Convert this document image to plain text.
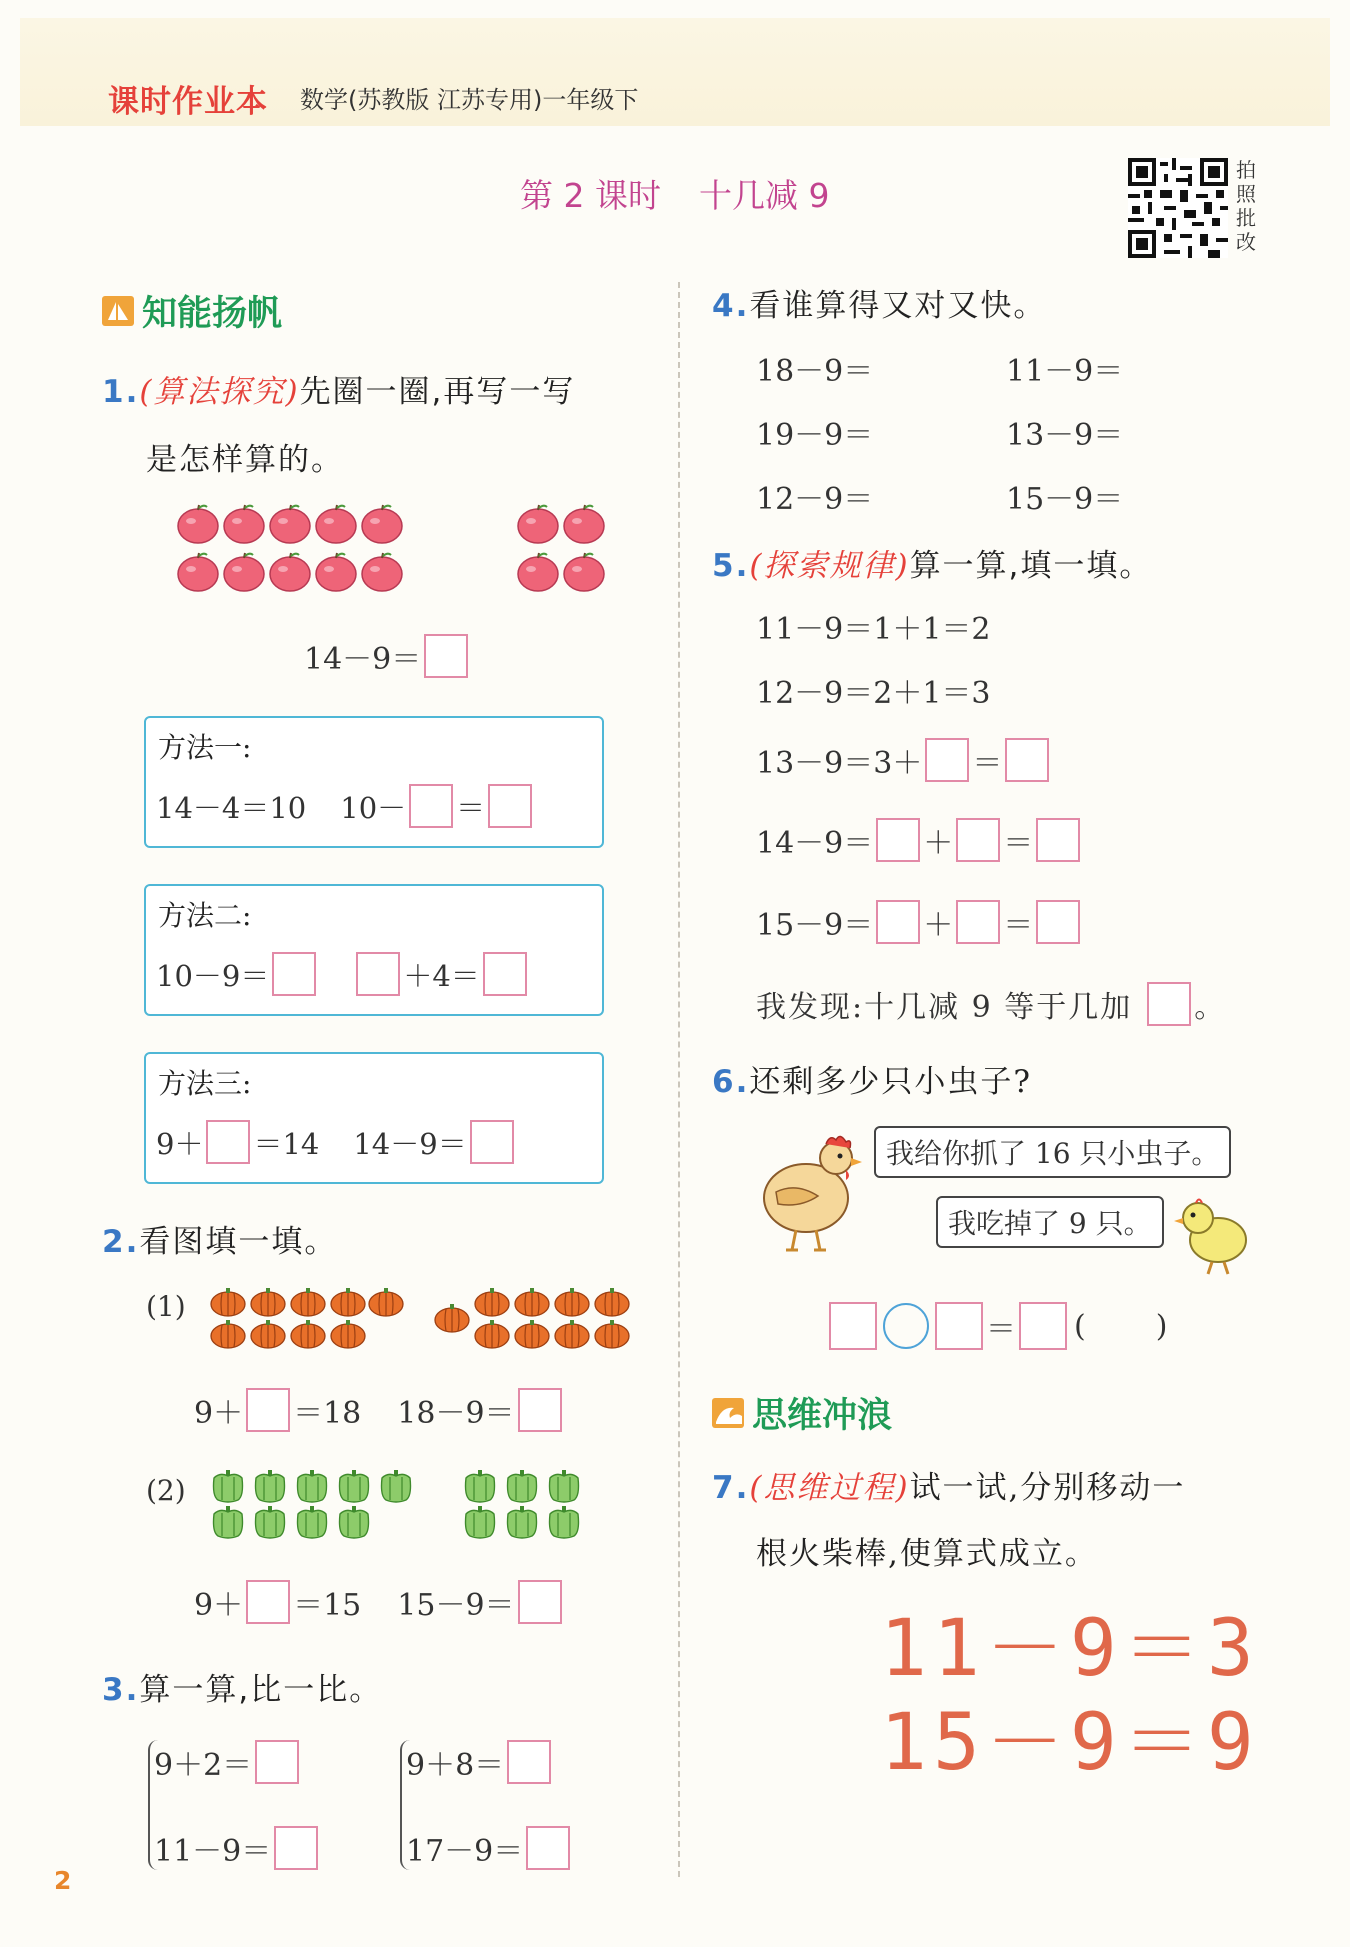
课时作业本 数学(苏教版 江苏专用)一年级下
第 2 课时 十几减 9
拍照批改
知能扬帆
1.(算法探究)先圈一圈,再写一写
是怎样算的。
14－9＝
方法一:
14－4＝10 10－ ＝
方法二:
10－9＝	＋4＝
方法三:
9＋ ＝14 14－9＝
2.看图填一填。
(1)
9＋ ＝18 18－9＝
(2)
9＋ ＝15 15－9＝
3.算一算,比一比。
9＋2＝
11－9＝
9＋8＝
17－9＝
4.看谁算得又对又快。
18－9＝	11－9＝
19－9＝	13－9＝
12－9＝	15－9＝
5.(探索规律)算一算,填一填。
11－9＝1＋1＝2
12－9＝2＋1＝3
13－9＝3＋ ＝
14－9＝ ＋ ＝
15－9＝ ＋ ＝
我发现:十几减 9 等于几加 。
6.还剩多少只小虫子?
我给你抓了 16 只小虫子。
我吃掉了 9 只。
＝ ( )
思维冲浪
7.(思维过程)试一试,分别移动一
根火柴棒,使算式成立。
11－9＝3
15－9＝9
2
